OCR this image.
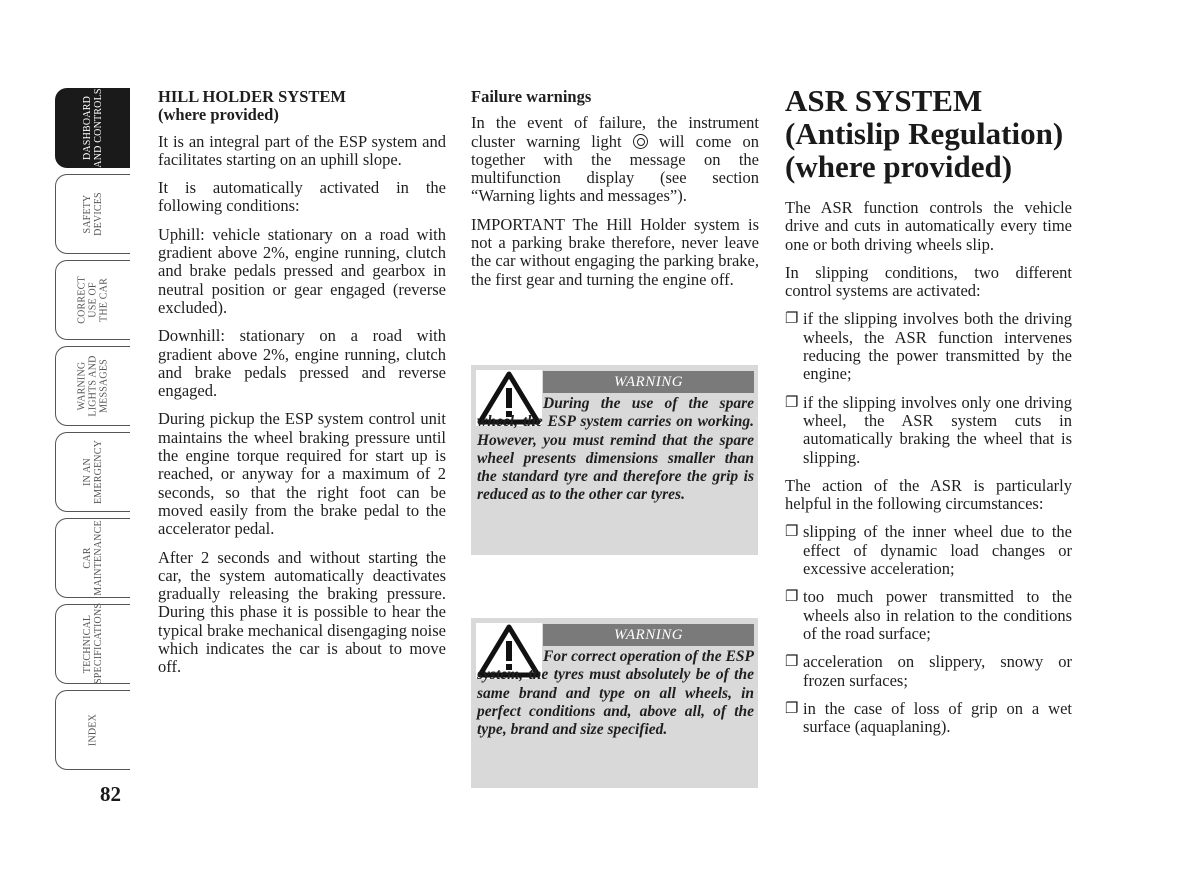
DASHBOARD
AND CONTROLS
SAFETY
DEVICES
CORRECT
USE OF
THE CAR
WARNING
LIGHTS AND
MESSAGES
IN AN
EMERGENCY
CAR
MAINTENANCE
TECHNICAL
SPECIFICATIONS
INDEX
82
HILL HOLDER SYSTEM
(where provided)

It is an integral part of the ESP system and facilitates starting on an uphill slope.

It is automatically activated in the following conditions:

Uphill: vehicle stationary on a road with gradient above 2%, engine running, clutch and brake pedals pressed and gearbox in neutral position or gear engaged (reverse excluded).

Downhill: stationary on a road with gradient above 2%, engine running, clutch and brake pedals pressed and reverse engaged.

During pickup the ESP system control unit maintains the wheel braking pressure until the engine torque required for start up is reached, or anyway for a maximum of 2 seconds, so that the right foot can be moved easily from the brake pedal to the accelerator pedal.

After 2 seconds and without starting the car, the system automatically deactivates gradually releasing the braking pressure. During this phase it is possible to hear the typical brake mechanical disengaging noise which indicates the car is about to move off.

Failure warnings

In the event of failure, the instrument cluster warning light will come on together with the message on the multifunction display (see section “Warning lights and messages”).

IMPORTANT The Hill Holder system is not a parking brake therefore, never leave the car without engaging the parking brake, the first gear and turning the engine off.

WARNING
During the use of the spare wheel, the ESP system carries on working. However, you must remind that the spare wheel presents dimensions smaller than the standard tyre and therefore the grip is reduced as to the other car tyres.
WARNING
For correct operation of the ESP system, the tyres must absolutely be of the same brand and type on all wheels, in perfect conditions and, above all, of the type, brand and size specified.
ASR SYSTEM
(Antislip Regulation)
(where provided)

The ASR function controls the vehicle drive and cuts in automatically every time one or both driving wheels slip.

In slipping conditions, two different control systems are activated:

❐ if the slipping involves both the driving wheels, the ASR function intervenes reducing the power transmitted by the engine;
❐ if the slipping involves only one driving wheel, the ASR system cuts in automatically braking the wheel that is slipping.

The action of the ASR is particularly helpful in the following circumstances:

❐ slipping of the inner wheel due to the effect of dynamic load changes or excessive acceleration;
❐ too much power transmitted to the wheels also in relation to the conditions of the road surface;
❐ acceleration on slippery, snowy or frozen surfaces;
❐ in the case of loss of grip on a wet surface (aquaplaning).
